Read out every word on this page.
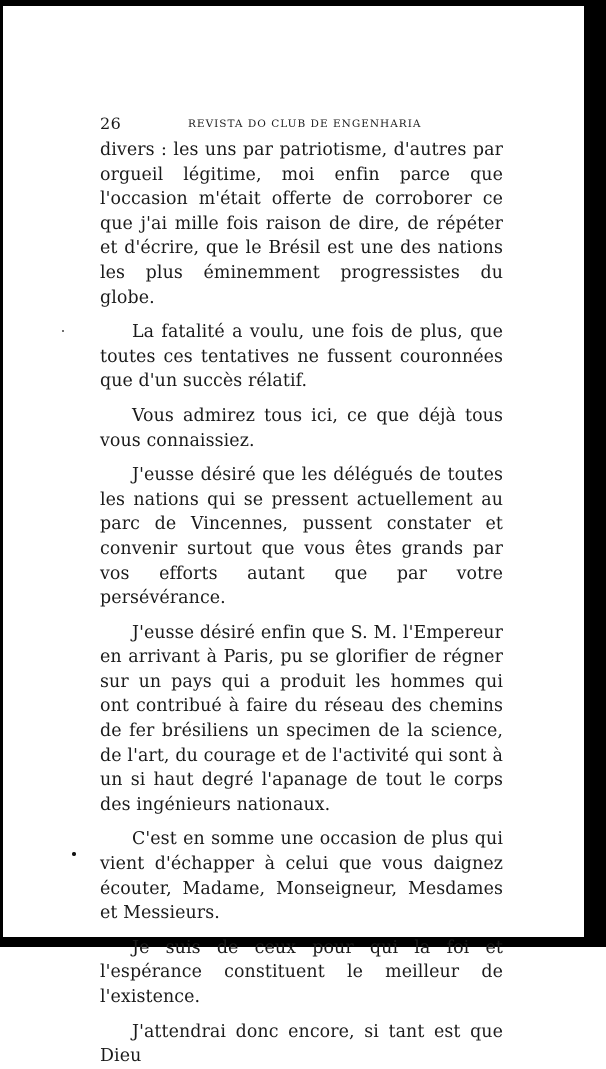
26	REVISTA DO CLUB DE ENGENHARIA

divers : les uns par patriotisme, d'autres par orgueil légitime, moi enfin parce que l'occasion m'était offerte de corroborer ce que j'ai mille fois raison de dire, de répéter et d'écrire, que le Brésil est une des nations les plus éminemment progressistes du globe.

La fatalité a voulu, une fois de plus, que toutes ces tentatives ne fussent couronnées que d'un succès rélatif.

Vous admirez tous ici, ce que déjà tous vous connaissiez.

J'eusse désiré que les délégués de toutes les nations qui se pressent actuellement au parc de Vincennes, pussent constater et convenir surtout que vous êtes grands par vos efforts autant que par votre persévérance.

J'eusse désiré enfin que S. M. l'Empereur en arrivant à Paris, pu se glorifier de régner sur un pays qui a produit les hommes qui ont contribué à faire du réseau des chemins de fer brésiliens un specimen de la science, de l'art, du courage et de l'activité qui sont à un si haut degré l'apanage de tout le corps des ingénieurs nationaux.

C'est en somme une occasion de plus qui vient d'échapper à celui que vous daignez écouter, Madame, Monseigneur, Mesdames et Messieurs.

Je suis de ceux pour qui la foi et l'espérance constituent le meilleur de l'existence.

J'attendrai donc encore, si tant est que Dieu
